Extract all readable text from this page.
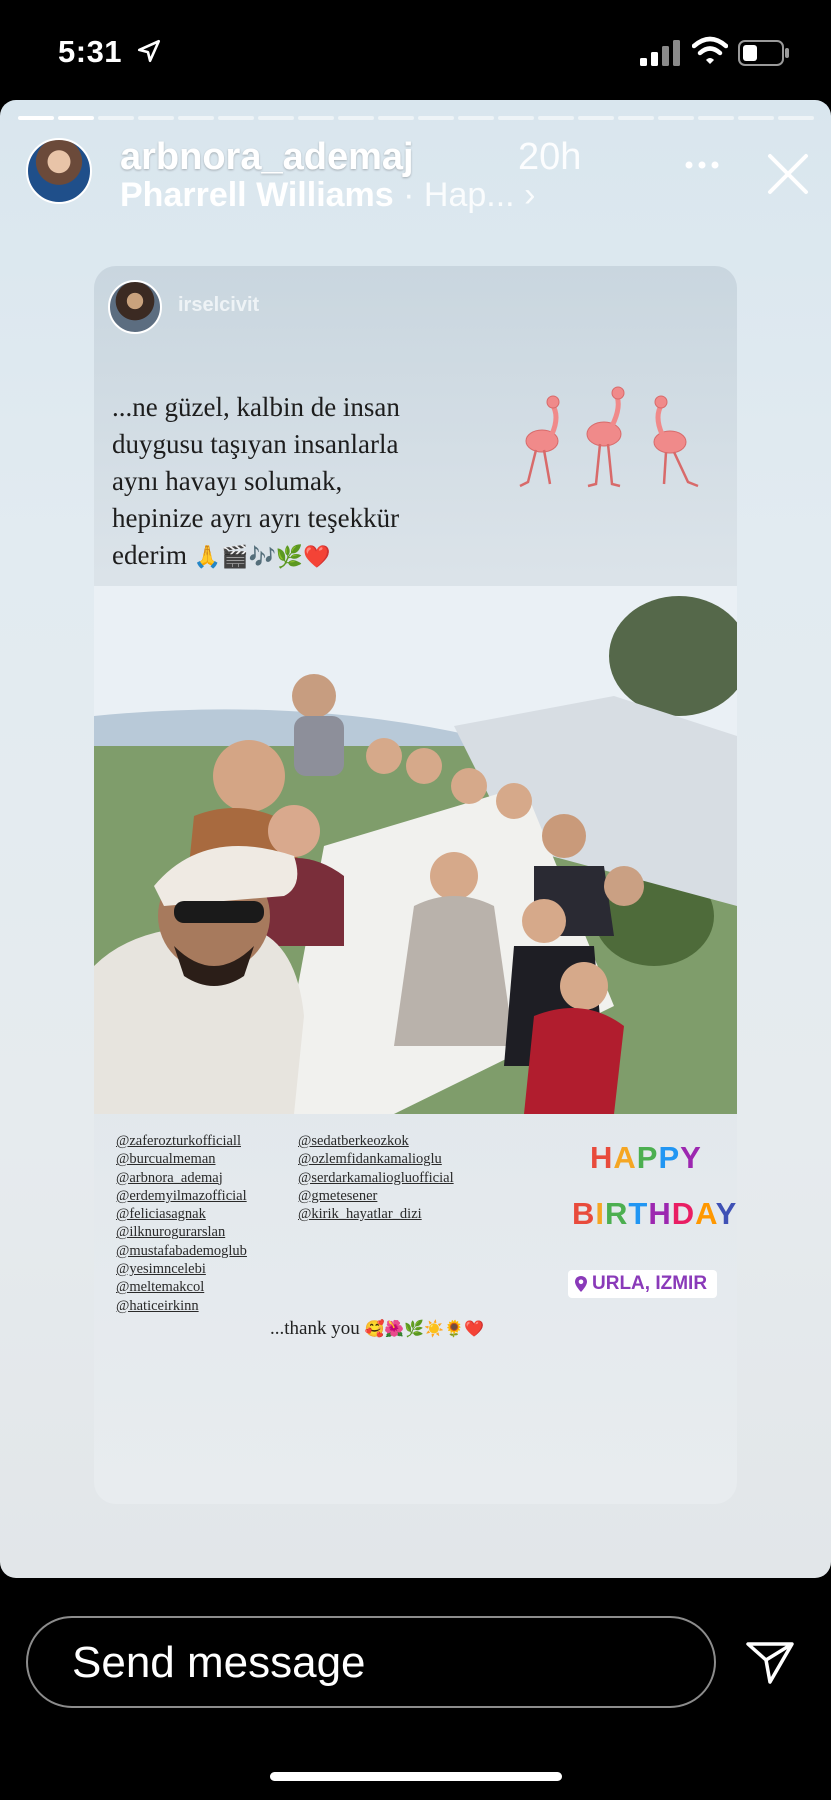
5:31
arbnora_ademaj	20h
Pharrell Williams · Hap... ›
irselcivit
...ne güzel, kalbin de insan
duygusu taşıyan insanlarla
aynı havayı solumak,
hepinize ayrı ayrı teşekkür
ederim 🙏🎬🎶🌿❤️
@zaferozturkofficiall
@burcualmeman
@arbnora_ademaj
@erdemyilmazofficial
@feliciasagnak
@ilknurogurarslan
@mustafabademoglub
@yesimncelebi
@meltemakcol
@haticeirkinn
@sedatberkeozkok
@ozlemfidankamalioglu
@serdarkamaliogluofficial
@gmetesener
@kirik_hayatlar_dizi
...thank you 🥰🌺🌿☀️🌻❤️
HAPPY
BIRTHDAY
URLA, IZMIR
Send message
